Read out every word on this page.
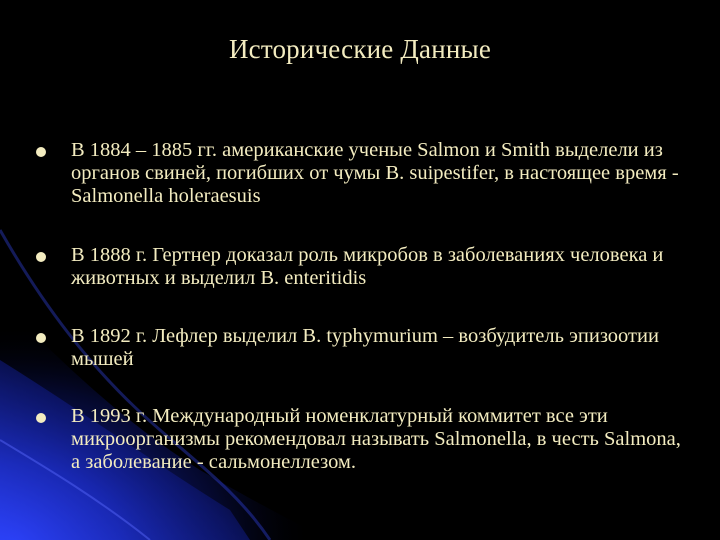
Исторические Данные
В 1884 – 1885 гг. американские ученые Salmon и Smith выделели из органов свиней, погибших от чумы B. suipestifer, в настоящее время - Salmonella holeraesuis
В 1888 г. Гертнер доказал роль микробов в заболеваниях человека и животных и выделил B. enteritidis
В 1892 г. Лефлер выделил B. typhymurium – возбудитель эпизоотии мышей
В 1993 г. Международный номенклатурный коммитет все эти микроорганизмы рекомендовал называть Salmonella, в честь Salmona, а заболевание - сальмонеллезом.
